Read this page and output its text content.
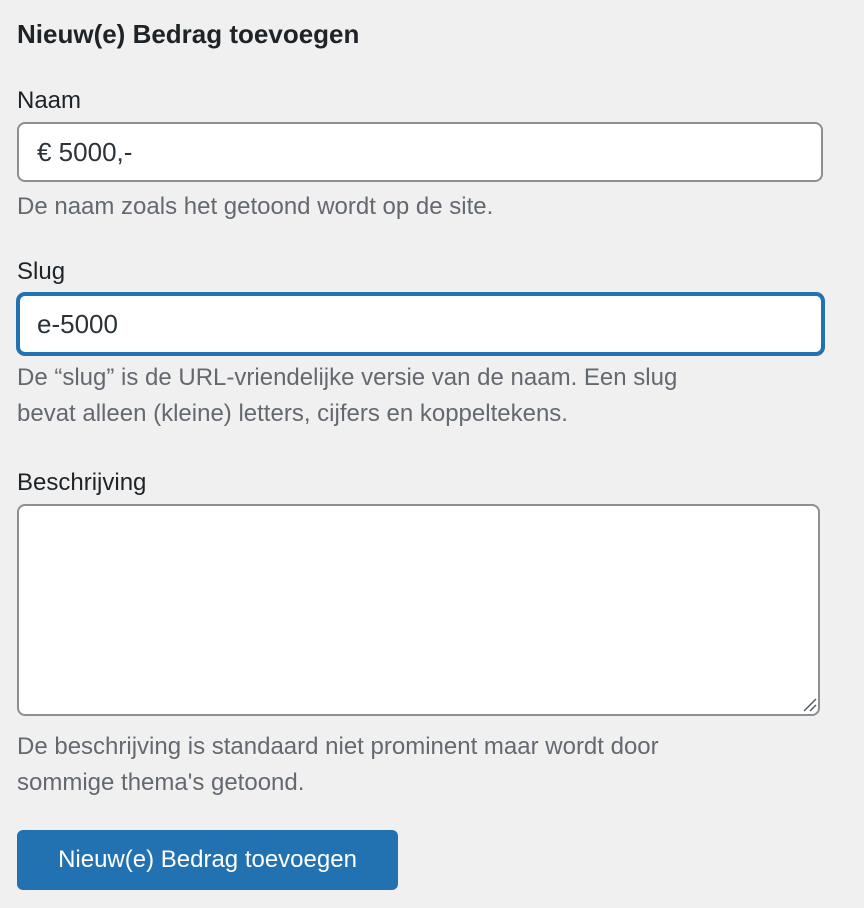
Nieuw(e) Bedrag toevoegen
Naam
€ 5000,-

De naam zoals het getoond wordt op de site.

Slug
e-5000

De “slug” is de URL-vriendelijke versie van de naam. Een slug
bevat alleen (kleine) letters, cijfers en koppeltekens.

Beschrijving

De beschrijving is standaard niet prominent maar wordt door
sommige thema's getoond.

Nieuw(e) Bedrag toevoegen
